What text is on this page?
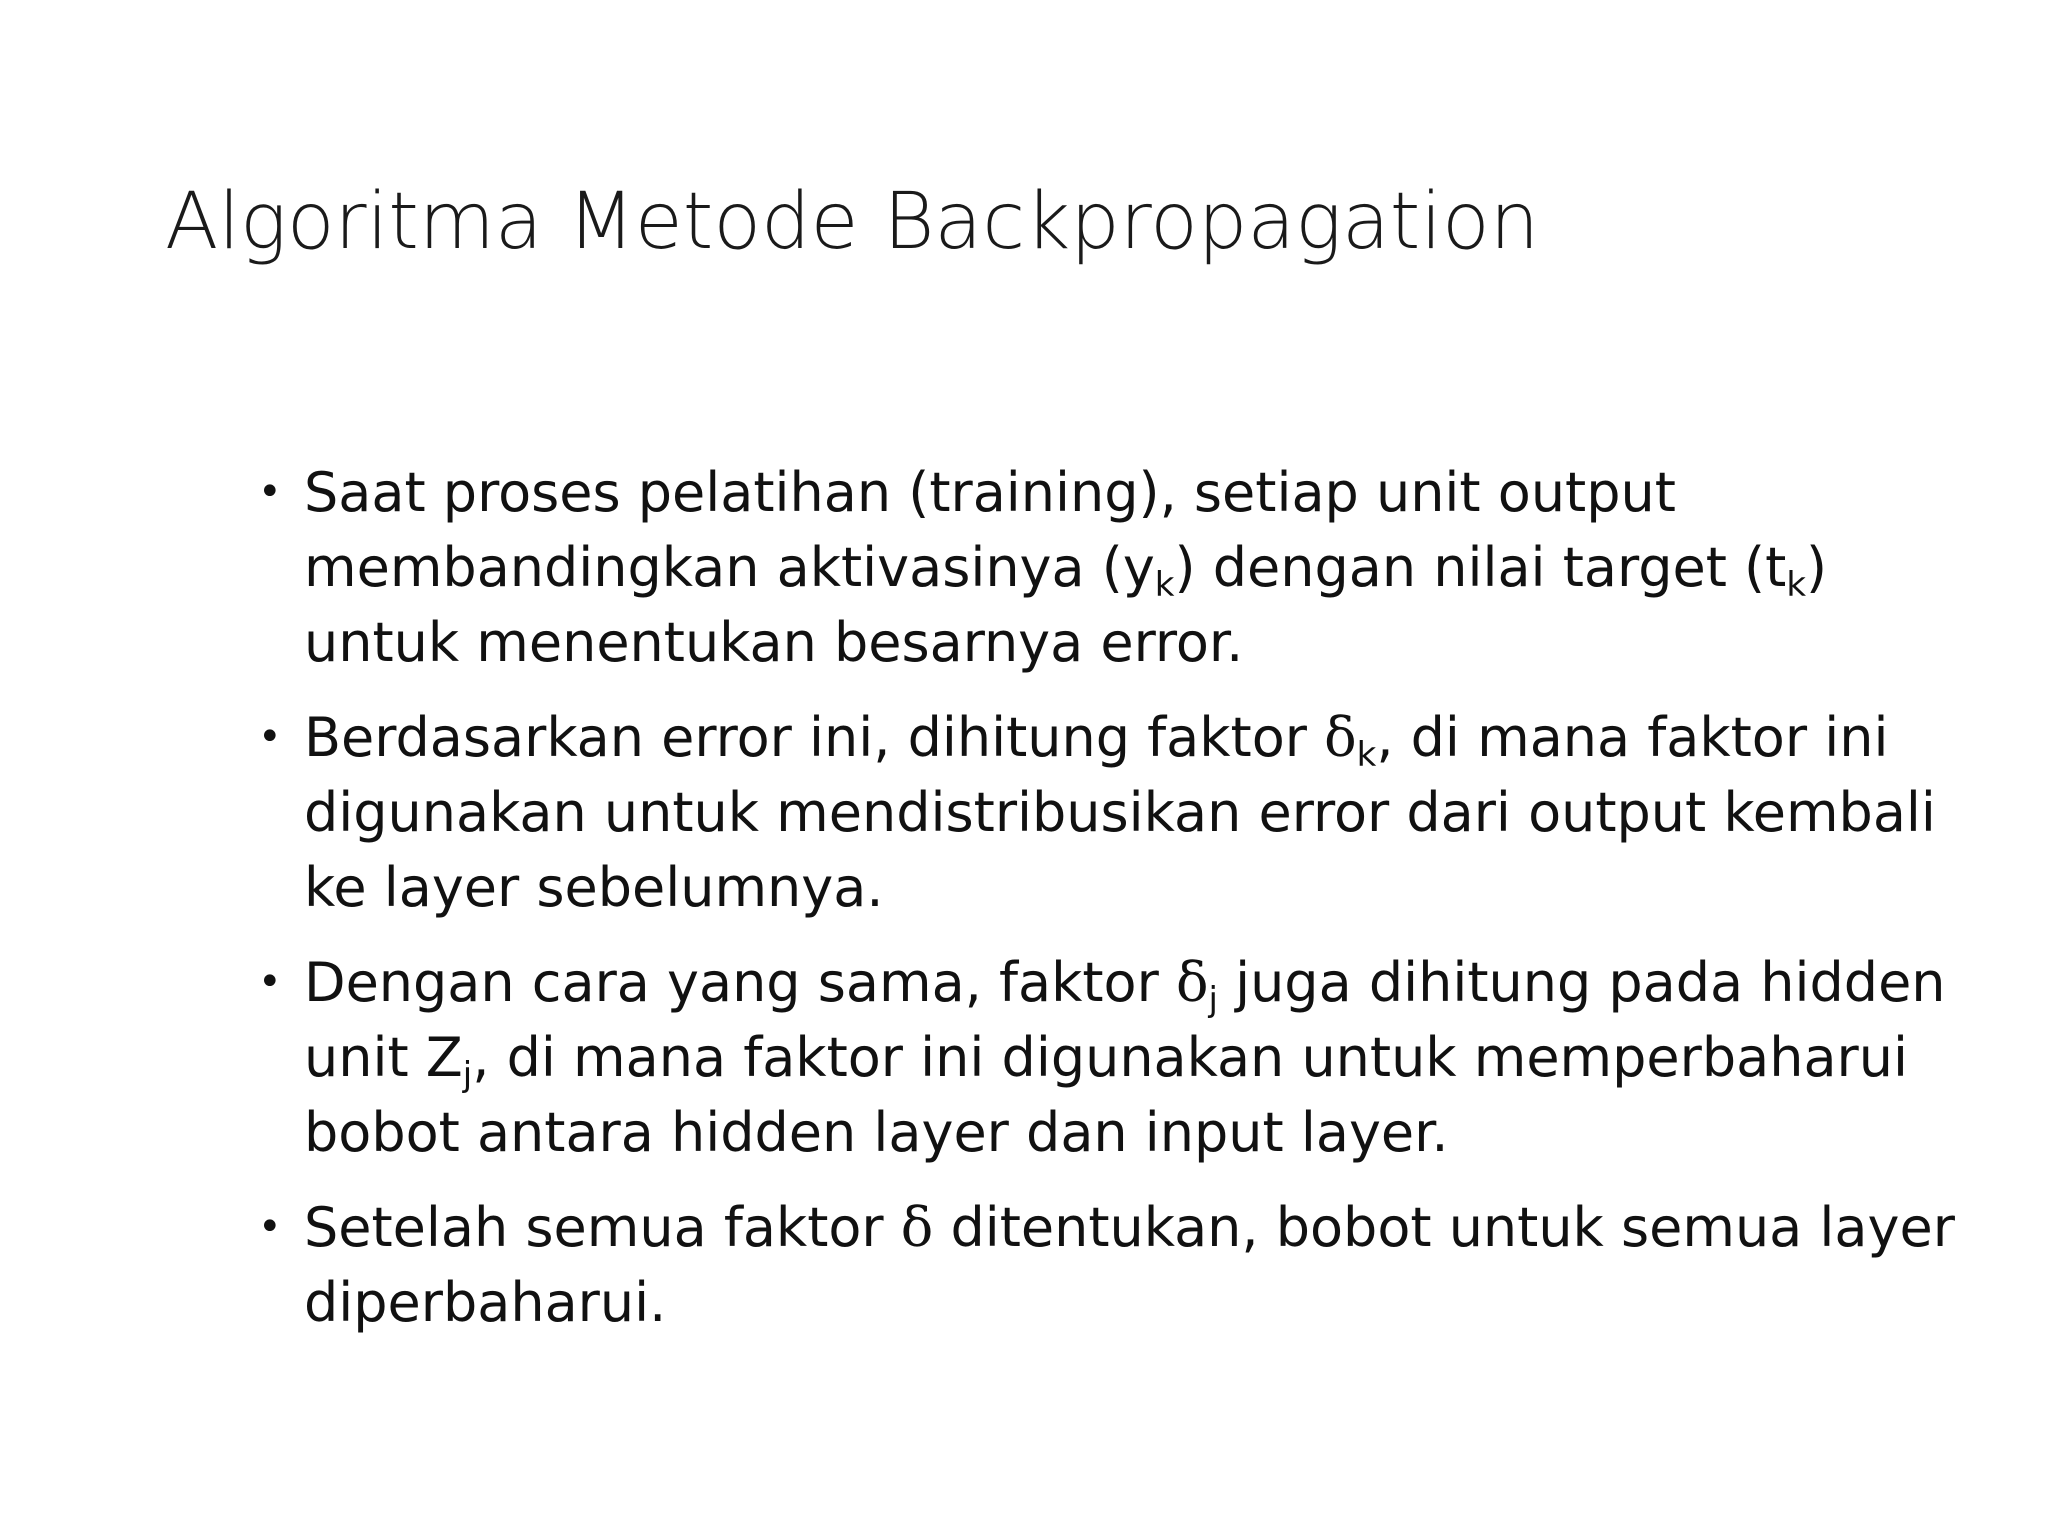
Algoritma Metode Backpropagation
• Saat proses pelatihan (training), setiap unit output membandingkan aktivasinya $(y_k)$ dengan nilai target $(t_k)$ untuk menentukan besarnya error.
• Berdasarkan error ini, dihitung faktor $\delta_k$, di mana faktor ini digunakan untuk mendistribusikan error dari output kembali ke layer sebelumnya.
• Dengan cara yang sama, faktor $\delta_j$ juga dihitung pada hidden unit $Z_j$, di mana faktor ini digunakan untuk memperbaharui bobot antara hidden layer dan input layer.
• Setelah semua faktor δ ditentukan, bobot untuk semua layer diperbaharui.
